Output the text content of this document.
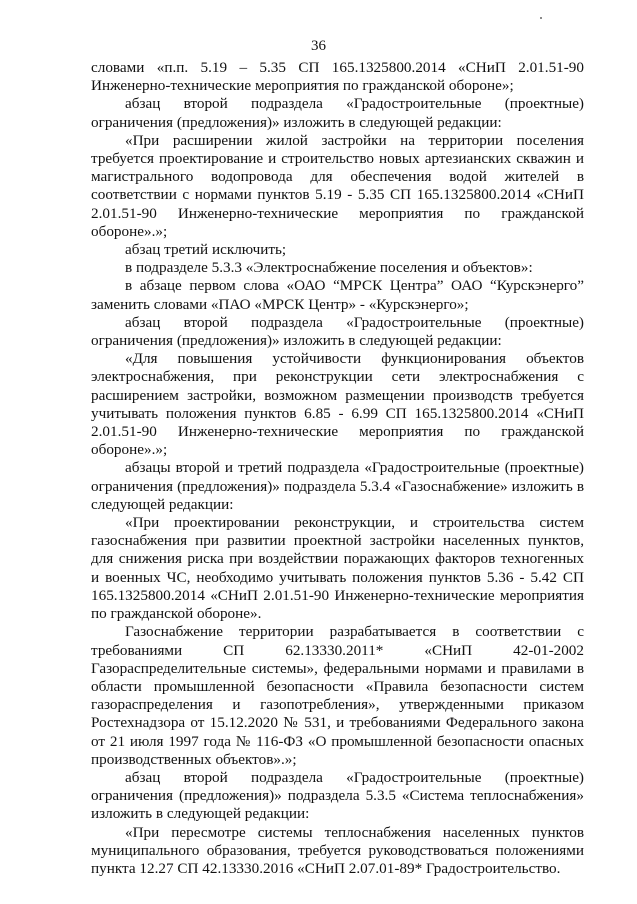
36

словами «п.п. 5.19 – 5.35 СП 165.1325800.2014 «СНиП 2.01.51-90 Инженерно-технические мероприятия по гражданской обороне»;

абзац второй подраздела «Градостроительные (проектные) ограничения (предложения)» изложить в следующей редакции:

«При расширении жилой застройки на территории поселения требуется проектирование и строительство новых артезианских скважин и магистрального водопровода для обеспечения водой жителей в соответствии с нормами пунктов 5.19 - 5.35 СП 165.1325800.2014 «СНиП 2.01.51-90 Инженерно-технические мероприятия по гражданской обороне».»;

абзац третий исключить;

в подразделе 5.3.3 «Электроснабжение поселения и объектов»:

в абзаце первом слова «ОАО “МРСК Центра” ОАО “Курскэнерго” заменить словами «ПАО «МРСК Центр» - «Курскэнерго»;

абзац второй подраздела «Градостроительные (проектные) ограничения (предложения)» изложить в следующей редакции:

«Для повышения устойчивости функционирования объектов электроснабжения, при реконструкции сети электроснабжения с расширением застройки, возможном размещении производств требуется учитывать положения пунктов 6.85 - 6.99 СП 165.1325800.2014 «СНиП 2.01.51-90 Инженерно-технические мероприятия по гражданской обороне».»;

абзацы второй и третий подраздела «Градостроительные (проектные) ограничения (предложения)» подраздела 5.3.4 «Газоснабжение» изложить в следующей редакции:

«При проектировании реконструкции, и строительства систем газоснабжения при развитии проектной застройки населенных пунктов, для снижения риска при воздействии поражающих факторов техногенных и военных ЧС, необходимо учитывать положения пунктов 5.36 - 5.42 СП 165.1325800.2014 «СНиП 2.01.51-90 Инженерно-технические мероприятия по гражданской обороне».

Газоснабжение территории разрабатывается в соответствии с требованиями СП 62.13330.2011* «СНиП 42-01-2002 Газораспределительные системы», федеральными нормами и правилами в области промышленной безопасности «Правила безопасности систем газораспределения и газопотребления», утвержденными приказом Ростехнадзора от 15.12.2020 № 531, и требованиями Федерального закона от 21 июля 1997 года № 116-ФЗ «О промышленной безопасности опасных производственных объектов».»;

абзац второй подраздела «Градостроительные (проектные) ограничения (предложения)» подраздела 5.3.5 «Система теплоснабжения» изложить в следующей редакции:

«При пересмотре системы теплоснабжения населенных пунктов муниципального образования, требуется руководствоваться положениями пункта 12.27 СП 42.13330.2016 «СНиП 2.07.01-89* Градостроительство.
